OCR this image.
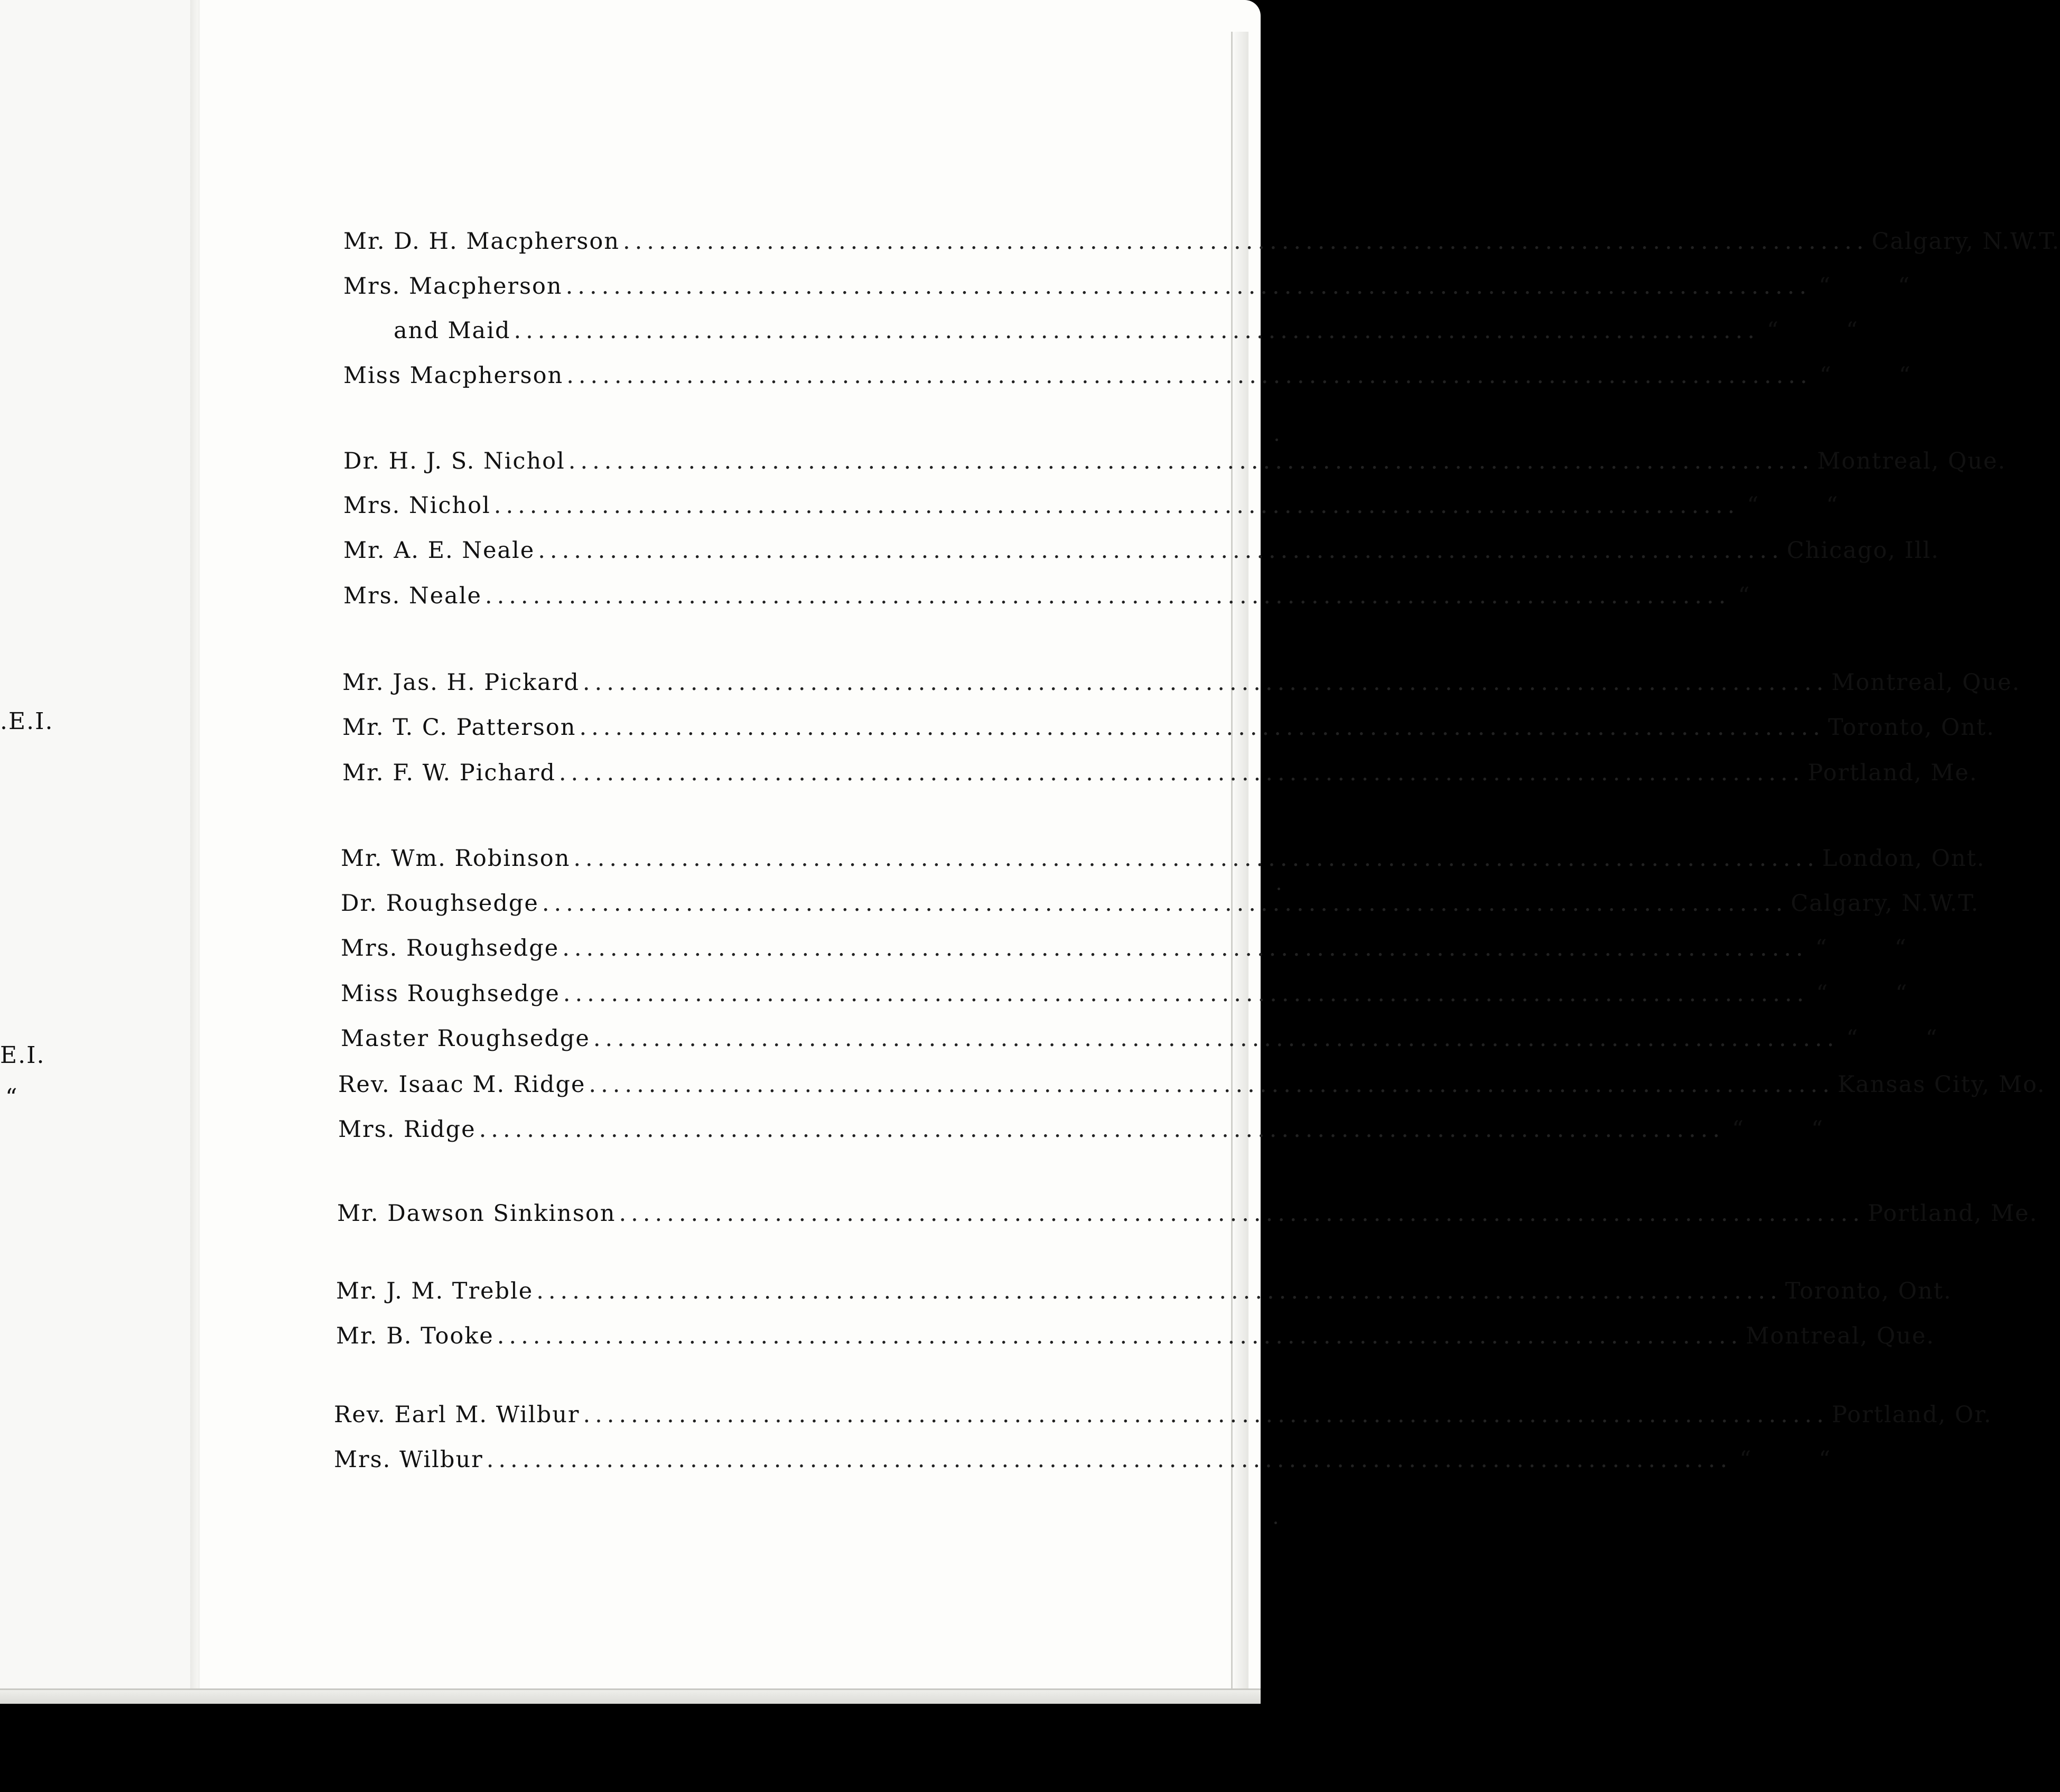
.E.I.
E.I.
“
Mr. D. H. Macpherson ........................................................................................................ Calgary, N.W.T.
Mrs. Macpherson ........................................................................................................ “	“
and Maid ........................................................................................................ “	“
Miss Macpherson ........................................................................................................ “	“
Dr. H. J. S. Nichol ........................................................................................................ Montreal, Que.
Mrs. Nichol ........................................................................................................ “	“
Mr. A. E. Neale ........................................................................................................ Chicago, Ill.
Mrs. Neale ........................................................................................................ “
Mr. Jas. H. Pickard ........................................................................................................ Montreal, Que.
Mr. T. C. Patterson ........................................................................................................ Toronto, Ont.
Mr. F. W. Pichard ........................................................................................................ Portland, Me.
Mr. Wm. Robinson ........................................................................................................ London, Ont.
Dr. Roughsedge ........................................................................................................ Calgary, N.W.T.
Mrs. Roughsedge ........................................................................................................ “	“
Miss Roughsedge ........................................................................................................ “	“
Master Roughsedge ........................................................................................................ “	“
Rev. Isaac M. Ridge ........................................................................................................ Kansas City, Mo.
Mrs. Ridge ........................................................................................................ “	“
Mr. Dawson Sinkinson ........................................................................................................ Portland, Me.
Mr. J. M. Treble ........................................................................................................ Toronto, Ont.
Mr. B. Tooke ........................................................................................................ Montreal, Que.
Rev. Earl M. Wilbur ........................................................................................................ Portland, Or.
Mrs. Wilbur ........................................................................................................ “	“
